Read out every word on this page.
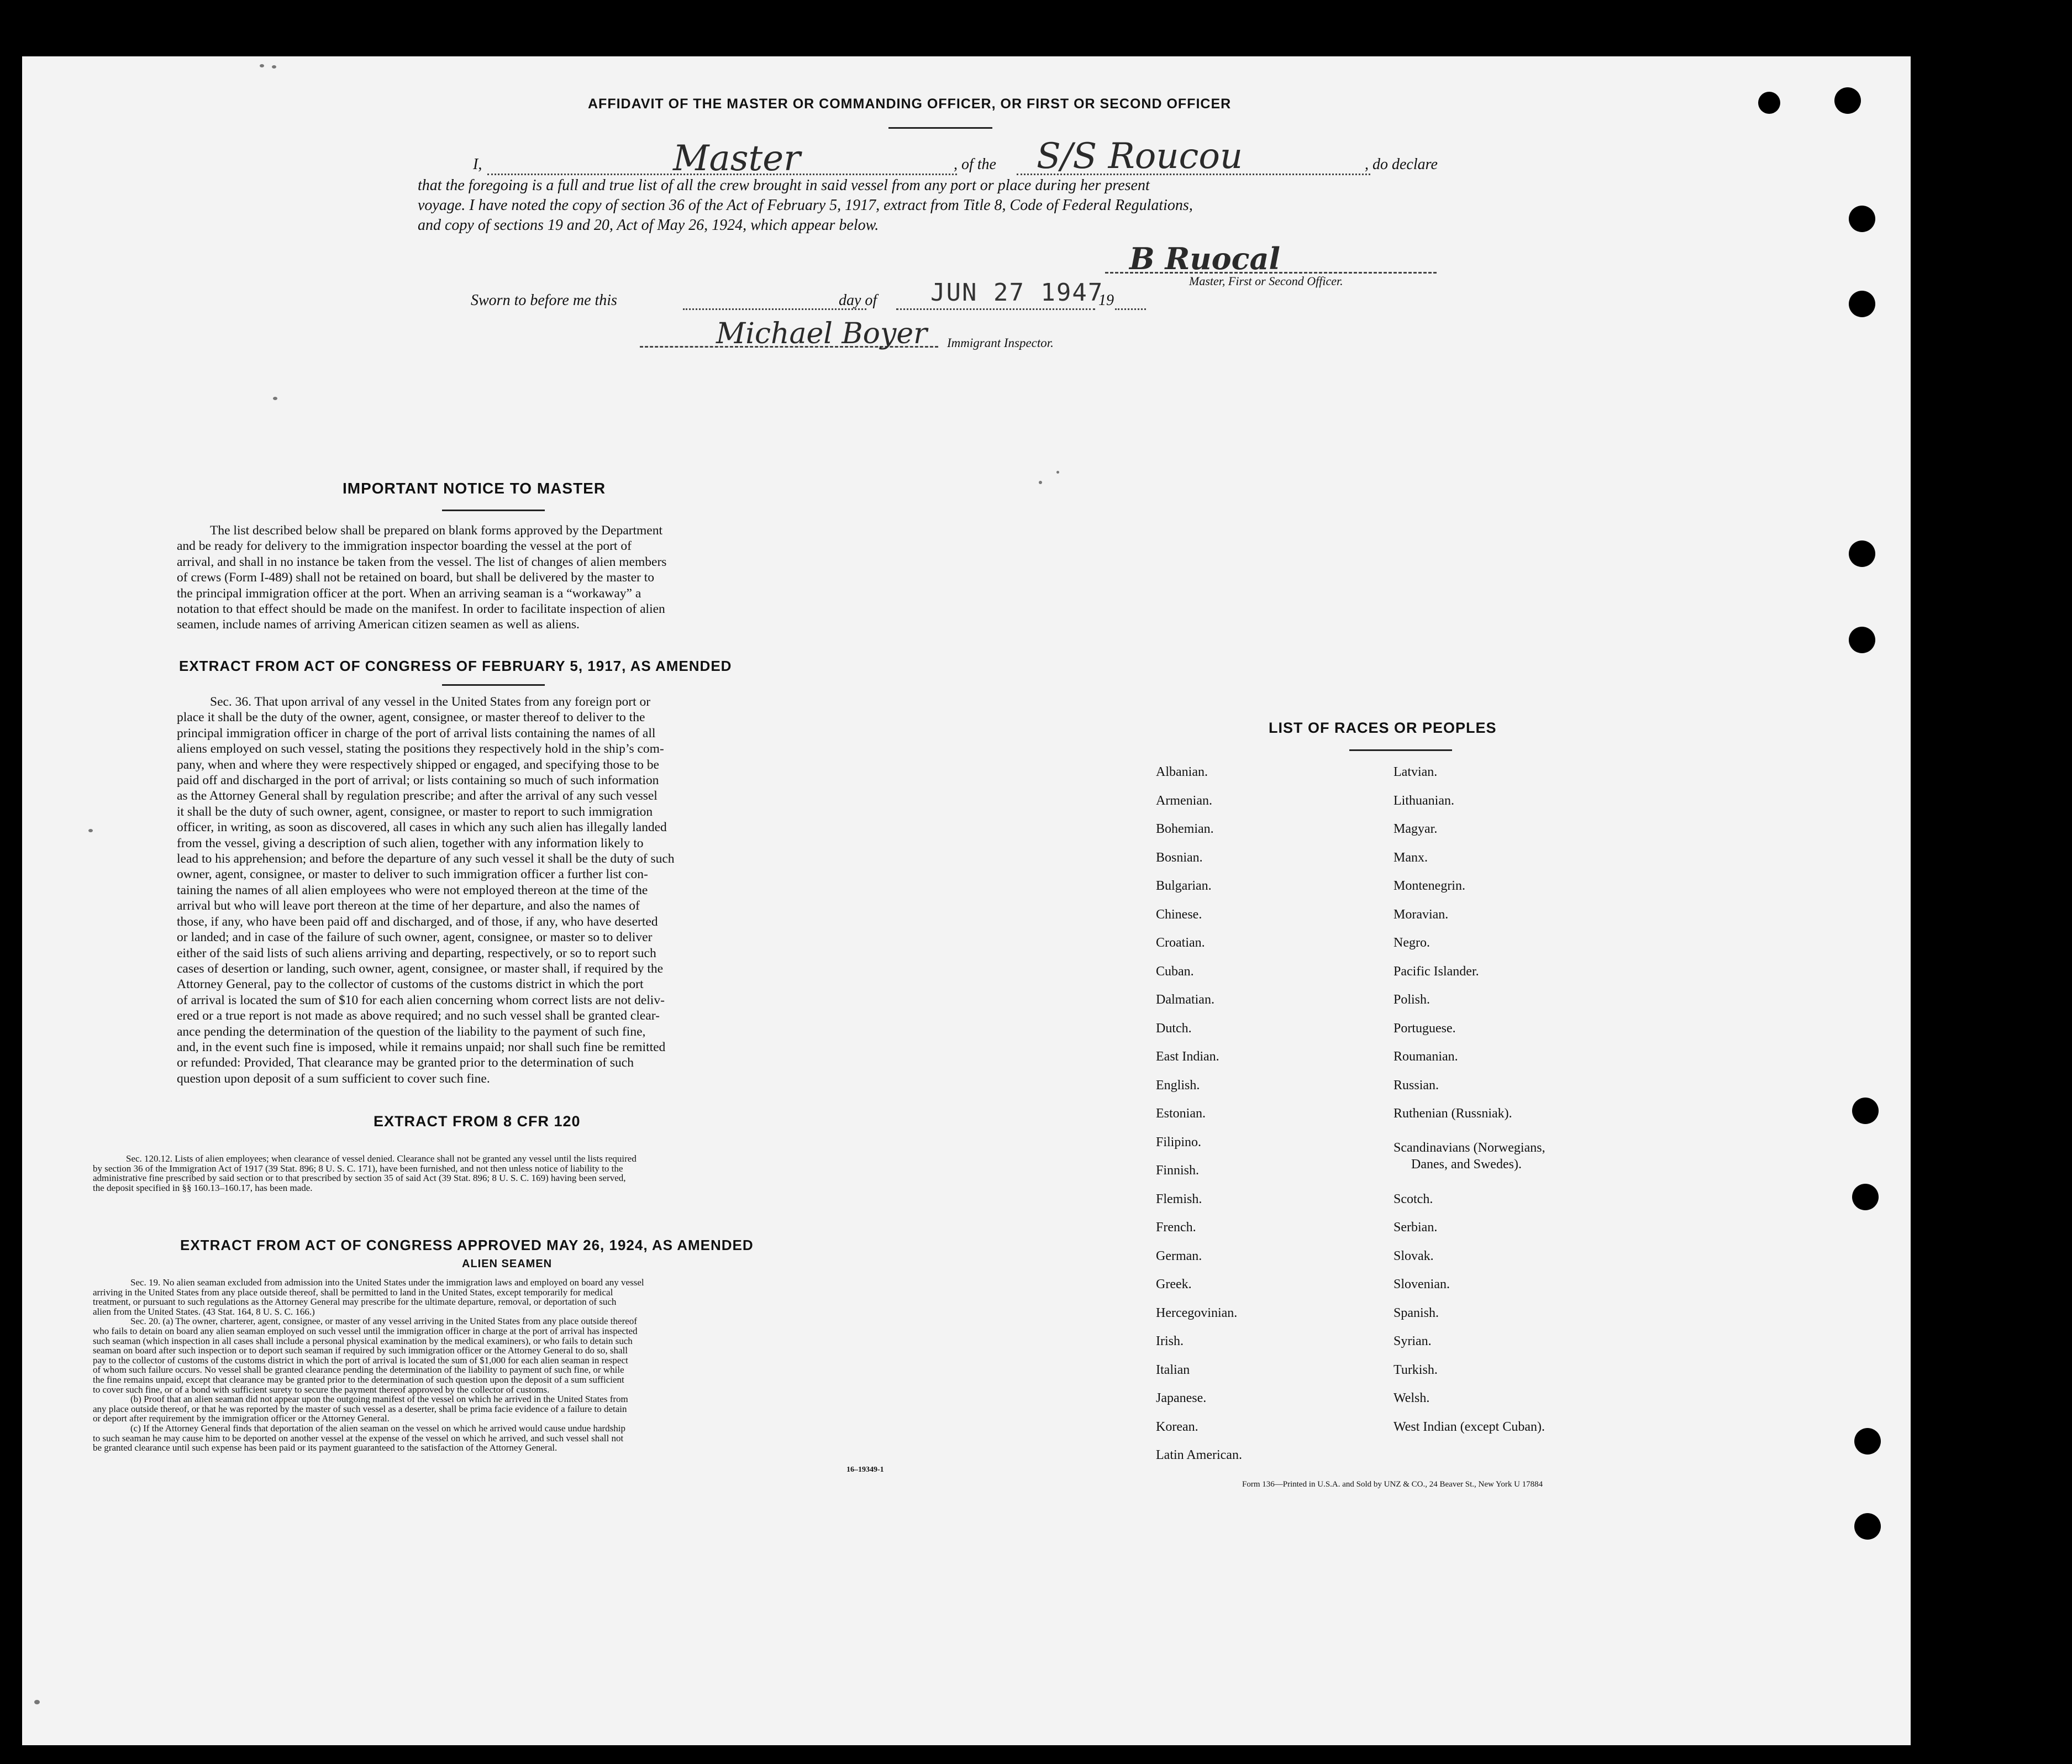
AFFIDAVIT OF THE MASTER OR COMMANDING OFFICER, OR FIRST OR SECOND OFFICER
I,	Master	, of the S/S Roucou	, do declare
that the foregoing is a full and true list of all the crew brought in said vessel from any port or place during her present
voyage. I have noted the copy of section 36 of the Act of February 5, 1917, extract from Title 8, Code of Federal Regulations,
and copy of sections 19 and 20, Act of May 26, 1924, which appear below.
B Ruocal
Master, First or Second Officer.
Sworn to before me this	day of JUN 27 1947
19
Michael Boyer Immigrant Inspector.
IMPORTANT NOTICE TO MASTER
The list described below shall be prepared on blank forms approved by the Department
and be ready for delivery to the immigration inspector boarding the vessel at the port of
arrival, and shall in no instance be taken from the vessel. The list of changes of alien members
of crews (Form I-489) shall not be retained on board, but shall be delivered by the master to
the principal immigration officer at the port. When an arriving seaman is a “workaway” a
notation to that effect should be made on the manifest. In order to facilitate inspection of alien
seamen, include names of arriving American citizen seamen as well as aliens.
EXTRACT FROM ACT OF CONGRESS OF FEBRUARY 5, 1917, AS AMENDED
Sec. 36. That upon arrival of any vessel in the United States from any foreign port or
place it shall be the duty of the owner, agent, consignee, or master thereof to deliver to the
principal immigration officer in charge of the port of arrival lists containing the names of all
aliens employed on such vessel, stating the positions they respectively hold in the ship’s com-
pany, when and where they were respectively shipped or engaged, and specifying those to be
paid off and discharged in the port of arrival; or lists containing so much of such information
as the Attorney General shall by regulation prescribe; and after the arrival of any such vessel
it shall be the duty of such owner, agent, consignee, or master to report to such immigration
officer, in writing, as soon as discovered, all cases in which any such alien has illegally landed
from the vessel, giving a description of such alien, together with any information likely to
lead to his apprehension; and before the departure of any such vessel it shall be the duty of such
owner, agent, consignee, or master to deliver to such immigration officer a further list con-
taining the names of all alien employees who were not employed thereon at the time of the
arrival but who will leave port thereon at the time of her departure, and also the names of
those, if any, who have been paid off and discharged, and of those, if any, who have deserted
or landed; and in case of the failure of such owner, agent, consignee, or master so to deliver
either of the said lists of such aliens arriving and departing, respectively, or so to report such
cases of desertion or landing, such owner, agent, consignee, or master shall, if required by the
Attorney General, pay to the collector of customs of the customs district in which the port
of arrival is located the sum of $10 for each alien concerning whom correct lists are not deliv-
ered or a true report is not made as above required; and no such vessel shall be granted clear-
ance pending the determination of the question of the liability to the payment of such fine,
and, in the event such fine is imposed, while it remains unpaid; nor shall such fine be remitted
or refunded: Provided, That clearance may be granted prior to the determination of such
question upon deposit of a sum sufficient to cover such fine.
EXTRACT FROM 8 CFR 120
Sec. 120.12. Lists of alien employees; when clearance of vessel denied. Clearance shall not be granted any vessel until the lists required
by section 36 of the Immigration Act of 1917 (39 Stat. 896; 8 U. S. C. 171), have been furnished, and not then unless notice of liability to the
administrative fine prescribed by said section or to that prescribed by section 35 of said Act (39 Stat. 896; 8 U. S. C. 169) having been served,
the deposit specified in §§ 160.13–160.17, has been made.
EXTRACT FROM ACT OF CONGRESS APPROVED MAY 26, 1924, AS AMENDED
ALIEN SEAMEN
Sec. 19. No alien seaman excluded from admission into the United States under the immigration laws and employed on board any vessel
arriving in the United States from any place outside thereof, shall be permitted to land in the United States, except temporarily for medical
treatment, or pursuant to such regulations as the Attorney General may prescribe for the ultimate departure, removal, or deportation of such
alien from the United States. (43 Stat. 164, 8 U. S. C. 166.)
Sec. 20. (a) The owner, charterer, agent, consignee, or master of any vessel arriving in the United States from any place outside thereof
who fails to detain on board any alien seaman employed on such vessel until the immigration officer in charge at the port of arrival has inspected
such seaman (which inspection in all cases shall include a personal physical examination by the medical examiners), or who fails to detain such
seaman on board after such inspection or to deport such seaman if required by such immigration officer or the Attorney General to do so, shall
pay to the collector of customs of the customs district in which the port of arrival is located the sum of $1,000 for each alien seaman in respect
of whom such failure occurs. No vessel shall be granted clearance pending the determination of the liability to payment of such fine, or while
the fine remains unpaid, except that clearance may be granted prior to the determination of such question upon the deposit of a sum sufficient
to cover such fine, or of a bond with sufficient surety to secure the payment thereof approved by the collector of customs.
(b) Proof that an alien seaman did not appear upon the outgoing manifest of the vessel on which he arrived in the United States from
any place outside thereof, or that he was reported by the master of such vessel as a deserter, shall be prima facie evidence of a failure to detain
or deport after requirement by the immigration officer or the Attorney General.
(c) If the Attorney General finds that deportation of the alien seaman on the vessel on which he arrived would cause undue hardship
to such seaman he may cause him to be deported on another vessel at the expense of the vessel on which he arrived, and such vessel shall not
be granted clearance until such expense has been paid or its payment guaranteed to the satisfaction of the Attorney General.
16–19349-1
LIST OF RACES OR PEOPLES
Albanian.
Armenian.
Bohemian.
Bosnian.
Bulgarian.
Chinese.
Croatian.
Cuban.
Dalmatian.
Dutch.
East Indian.
English.
Estonian.
Filipino.
Finnish.
Flemish.
French.
German.
Greek.
Hercegovinian.
Irish.
Italian
Japanese.
Korean.
Latin American.
Latvian.
Lithuanian.
Magyar.
Manx.
Montenegrin.
Moravian.
Negro.
Pacific Islander.
Polish.
Portuguese.
Roumanian.
Russian.
Ruthenian (Russniak).
Scandinavians (Norwegians,
Danes, and Swedes).
Scotch.
Serbian.
Slovak.
Slovenian.
Spanish.
Syrian.
Turkish.
Welsh.
West Indian (except Cuban).
Form 136—Printed in U.S.A. and Sold by UNZ & CO., 24 Beaver St., New York U 17884
